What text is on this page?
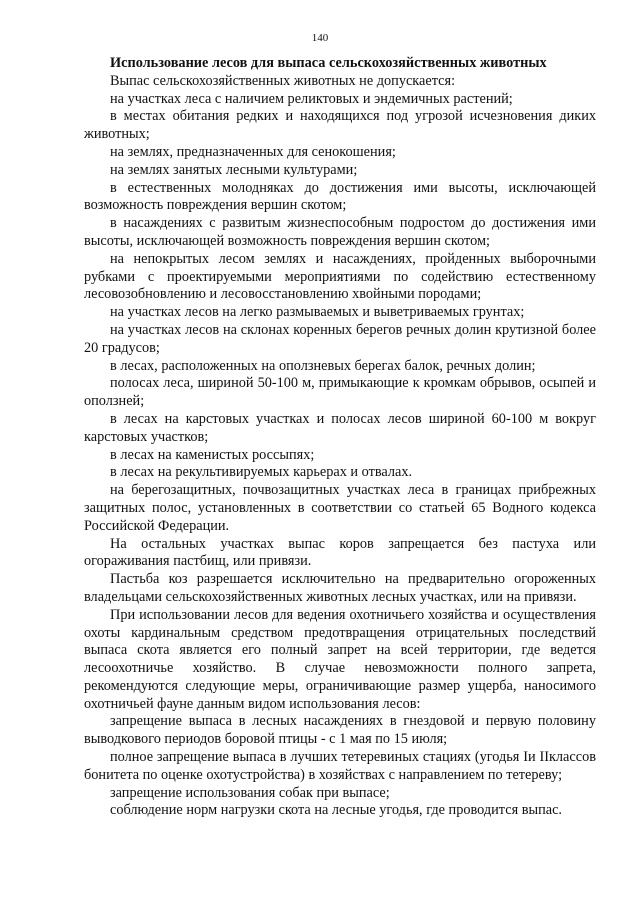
140

Использование лесов для выпаса сельскохозяйственных животных

Выпас сельскохозяйственных животных не допускается:

на участках леса с наличием реликтовых и эндемичных растений;

в местах обитания редких и находящихся под угрозой исчезновения диких животных;

на землях, предназначенных для сенокошения;

на землях занятых лесными культурами;

в естественных молодняках до достижения ими высоты, исключающей возможность повреждения вершин скотом;

в насаждениях с развитым жизнеспособным подростом до достижения ими высоты, исключающей возможность повреждения вершин скотом;

на непокрытых лесом землях и насаждениях, пройденных выборочными рубками с проектируемыми мероприятиями по содействию естественному лесовозобновлению и лесовосстановлению хвойными породами;

на участках лесов на легко размываемых и выветриваемых грунтах;

на участках лесов на склонах коренных берегов речных долин крутизной более 20 градусов;

в лесах, расположенных на оползневых берегах балок, речных долин;

полосах леса, шириной 50-100 м, примыкающие к кромкам обрывов, осыпей и оползней;

в лесах на карстовых участках и полосах лесов шириной 60-100 м вокруг карстовых участков;

в лесах на каменистых россыпях;

в лесах на рекультивируемых карьерах и отвалах.

на берегозащитных, почвозащитных участках леса в границах прибрежных защитных полос, установленных в соответствии со статьей 65 Водного кодекса Российской Федерации.

На остальных участках выпас коров запрещается без пастуха или огораживания пастбищ, или привязи.

Пастьба коз разрешается исключительно на предварительно огороженных владельцами сельскохозяйственных животных лесных участках, или на привязи.

При использовании лесов для ведения охотничьего хозяйства и осуществления охоты кардинальным средством предотвращения отрицательных последствий выпаса скота является его полный запрет на всей территории, где ведется лесоохотничье хозяйство. В случае невозможности полного запрета, рекомендуются следующие меры, ограничивающие размер ущерба, наносимого охотничьей фауне данным видом использования лесов:

запрещение выпаса в лесных насаждениях в гнездовой и первую половину выводкового периодов боровой птицы - с 1 мая по 15 июля;

полное запрещение выпаса в лучших тетеревиных стациях (угодья Iи IIклассов бонитета по оценке охотустройства) в хозяйствах с направлением по тетереву;

запрещение использования собак при выпасе;

соблюдение норм нагрузки скота на лесные угодья, где проводится выпас.
